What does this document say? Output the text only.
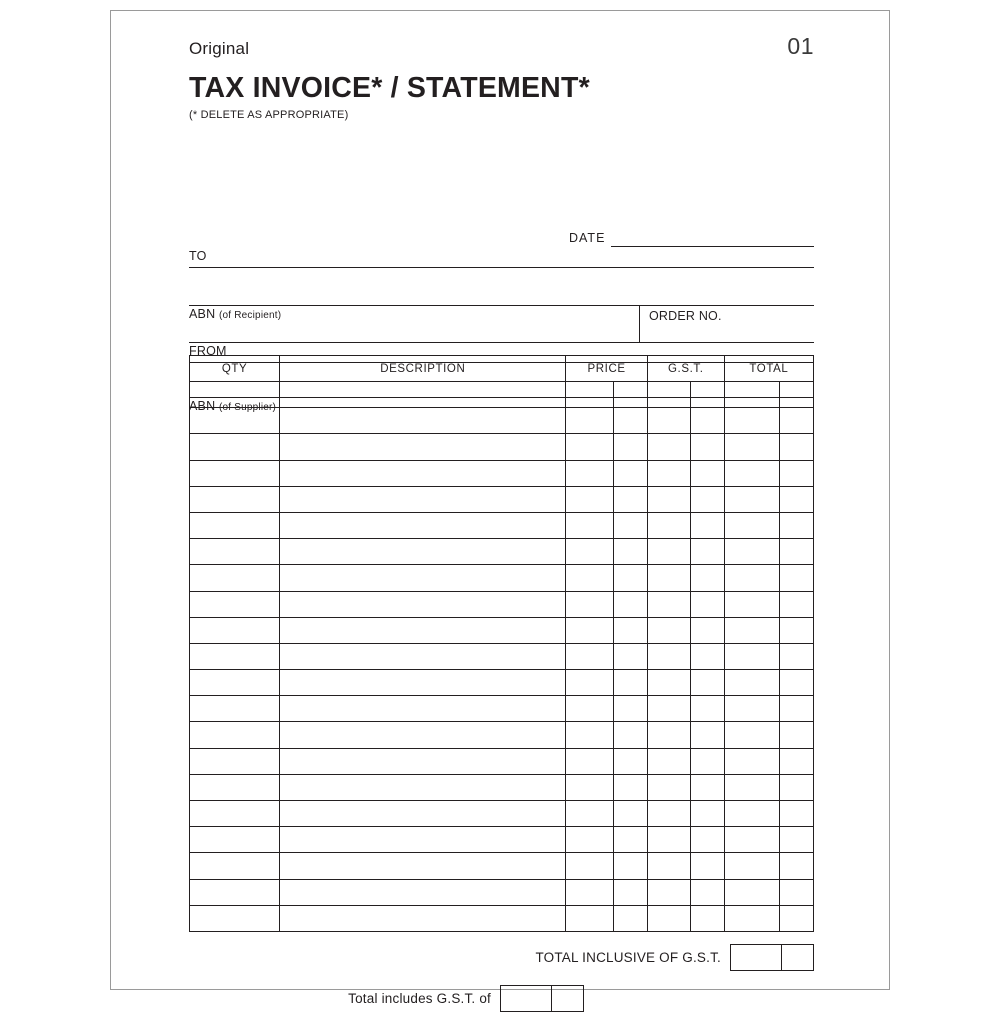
Original	01
TAX INVOICE* / STATEMENT*
(* DELETE AS APPROPRIATE)
DATE
TO
ABN (of Recipient)	ORDER NO.
FROM
ABN (of Supplier)
QTY	DESCRIPTION	PRICE		G.S.T.		TOTAL	

TOTAL INCLUSIVE OF G.S.T.
Total includes G.S.T. of
